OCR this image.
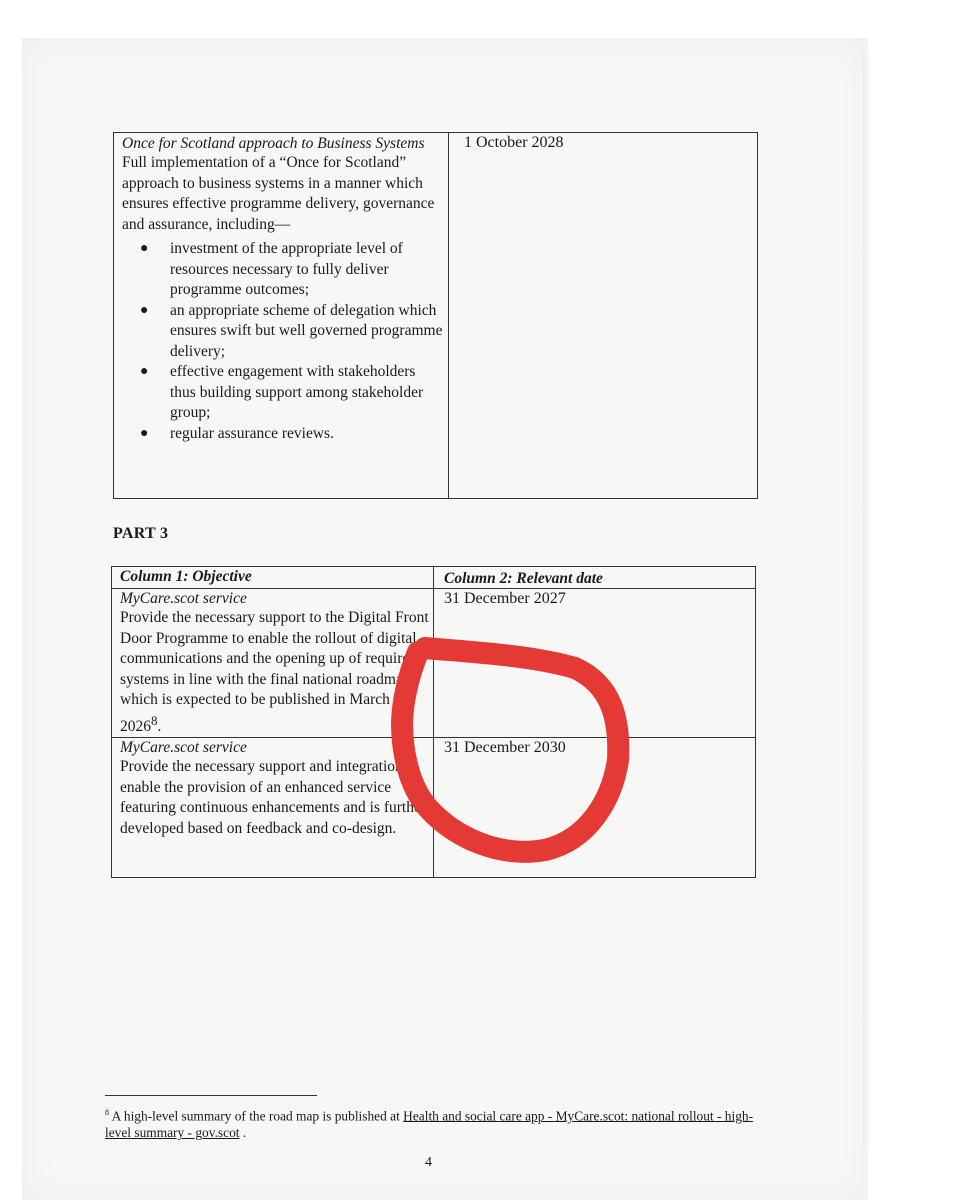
Once for Scotland approach to Business Systems
Full implementation of a “Once for Scotland” approach to business systems in a manner which ensures effective programme delivery, governance and assurance, including—
● investment of the appropriate level of resources necessary to fully deliver programme outcomes;
● an appropriate scheme of delegation which ensures swift but well governed programme delivery;
● effective engagement with stakeholders thus building support among stakeholder group;
● regular assurance reviews.
	1 October 2028
PART 3
Column 1: Objective	Column 2: Relevant date

MyCare.scot service
Provide the necessary support to the Digital Front Door Programme to enable the rollout of digital communications and the opening up of required systems in line with the final national roadmap which is expected to be published in March 2026$^8$.	31 December 2027

MyCare.scot service
Provide the necessary support and integration to enable the provision of an enhanced service featuring continuous enhancements and is further developed based on feedback and co-design.	31 December 2030
$^8$ A high-level summary of the road map is published at Health and social care app - MyCare.scot: national rollout - high-level summary - gov.scot .
4
